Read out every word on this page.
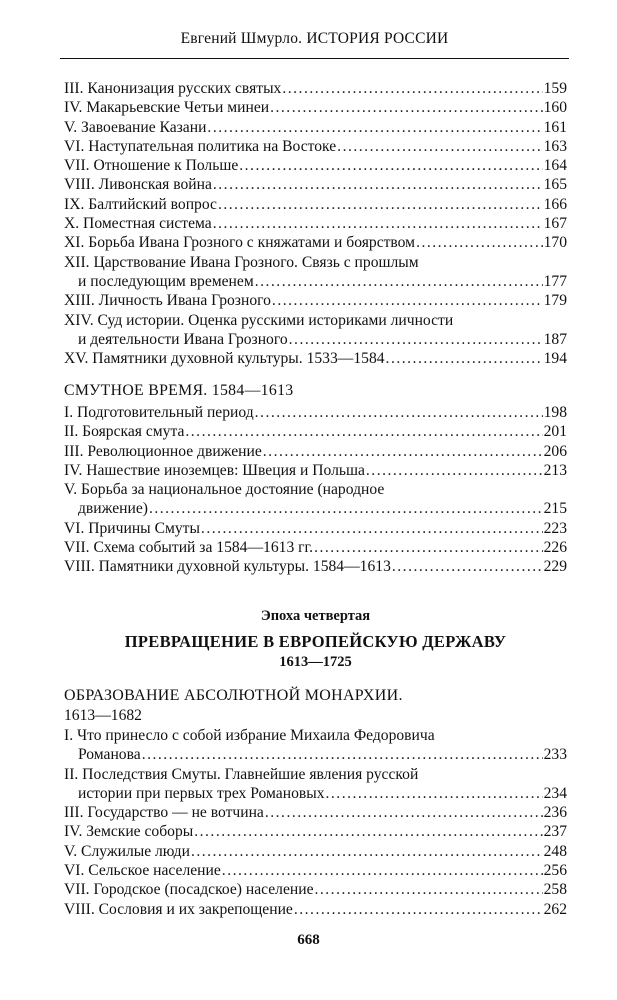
Евгений Шмурло. ИСТОРИЯ РОССИИ
III. Канонизация русских святых .....	159
IV. Макарьевские Четьи минеи .....	160
V. Завоевание Казани .....	161
VI. Наступательная политика на Востоке .....	163
VII. Отношение к Польше .....	164
VIII. Ливонская война .....	165
IX. Балтийский вопрос .....	166
X. Поместная система .....	167
XI. Борьба Ивана Грозного с княжатами и боярством .....	170
XII. Царствование Ивана Грозного. Связь с прошлым
и последующим временем .....	177
XIII. Личность Ивана Грозного .....	179
XIV. Суд истории. Оценка русскими историками личности
и деятельности Ивана Грозного .....	187
XV. Памятники духовной культуры. 1533—1584 .....	194
СМУТНОЕ ВРЕМЯ. 1584—1613
I. Подготовительный период .....	198
II. Боярская смута .....	201
III. Революционное движение .....	206
IV. Нашествие иноземцев: Швеция и Польша .....	213
V. Борьба за национальное достояние (народное
движение) .....	215
VI. Причины Смуты .....	223
VII. Схема событий за 1584—1613 гг. .....	226
VIII. Памятники духовной культуры. 1584—1613 .....	229
Эпоха четвертая
ПРЕВРАЩЕНИЕ В ЕВРОПЕЙСКУЮ ДЕРЖАВУ
1613—1725
ОБРАЗОВАНИЕ АБСОЛЮТНОЙ МОНАРХИИ.
1613—1682
I. Что принесло с собой избрание Михаила Федоровича
Романова .....	233
II. Последствия Смуты. Главнейшие явления русской
истории при первых трех Романовых .....	234
III. Государство — не вотчина .....	236
IV. Земские соборы .....	237
V. Служилые люди .....	248
VI. Сельское население .....	256
VII. Городское (посадское) население .....	258
VIII. Сословия и их закрепощение .....	262
668
